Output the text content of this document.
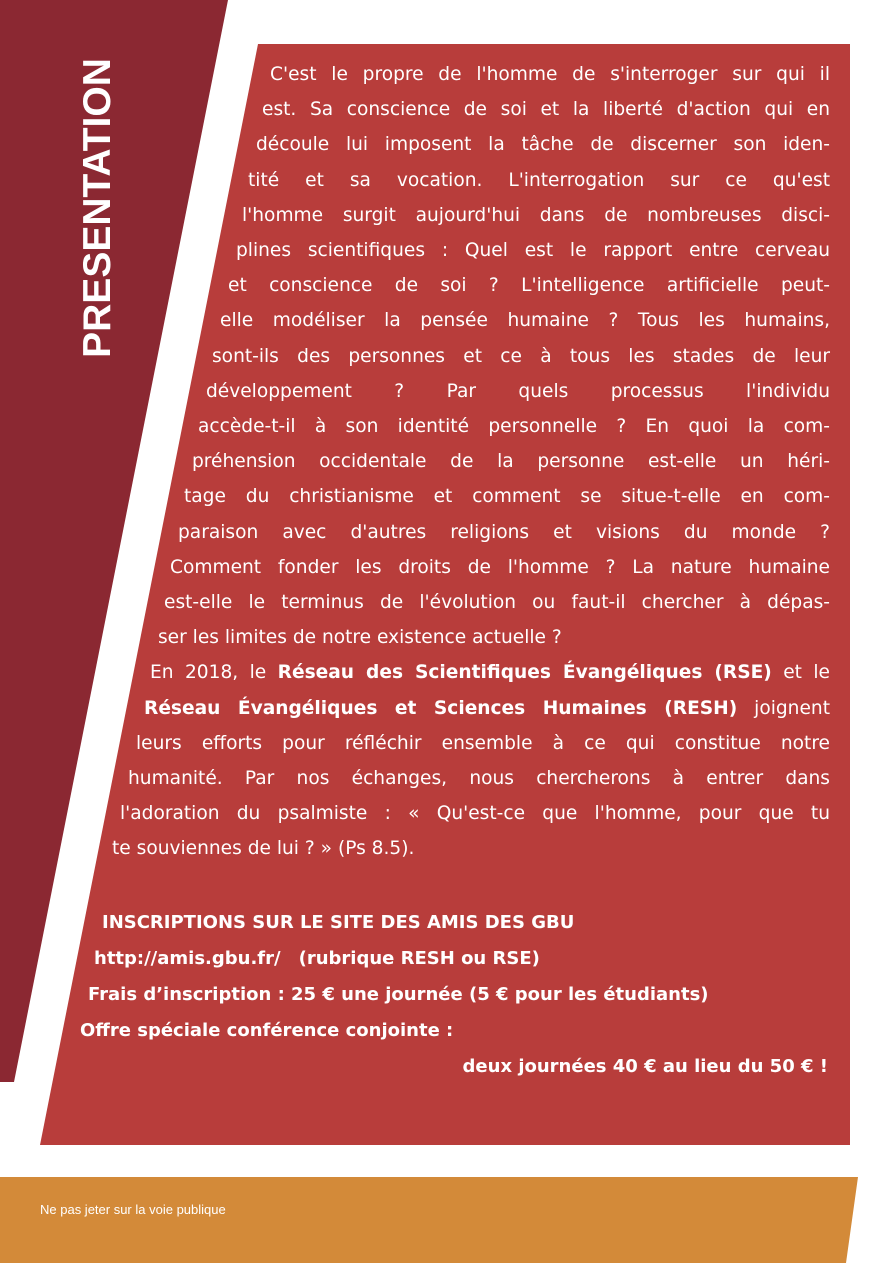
PRESENTATION	C'est le propre de l'homme de s'interroger sur qui il
est. Sa conscience de soi et la liberté d'action qui en
découle lui imposent la tâche de discerner son iden-
tité et sa vocation. L'interrogation sur ce qu'est
l'homme surgit aujourd'hui dans de nombreuses disci-
plines scientifiques : Quel est le rapport entre cerveau
et conscience de soi ? L'intelligence artificielle peut-
elle modéliser la pensée humaine ? Tous les humains,
sont-ils des personnes et ce à tous les stades de leur
développement ? Par quels processus l'individu
accède-t-il à son identité personnelle ? En quoi la com-
préhension occidentale de la personne est-elle un héri-
tage du christianisme et comment se situe-t-elle en com-
paraison avec d'autres religions et visions du monde ?
Comment fonder les droits de l'homme ? La nature humaine
est-elle le terminus de l'évolution ou faut-il chercher à dépas-
ser les limites de notre existence actuelle ?
En 2018, le Réseau des Scientifiques Évangéliques (RSE) et le
Réseau Évangéliques et Sciences Humaines (RESH) joignent
leurs efforts pour réfléchir ensemble à ce qui constitue notre
humanité. Par nos échanges, nous chercherons à entrer dans
l'adoration du psalmiste : « Qu'est-ce que l'homme, pour que tu
te souviennes de lui ? » (Ps 8.5).
INSCRIPTIONS SUR LE SITE DES AMIS DES GBU
http://amis.gbu.fr/ (rubrique RESH ou RSE)
Frais d’inscription : 25 € une journée (5 € pour les étudiants)
Offre spéciale conférence conjointe :
deux journées 40 € au lieu du 50 € !
Ne pas jeter sur la voie publique
